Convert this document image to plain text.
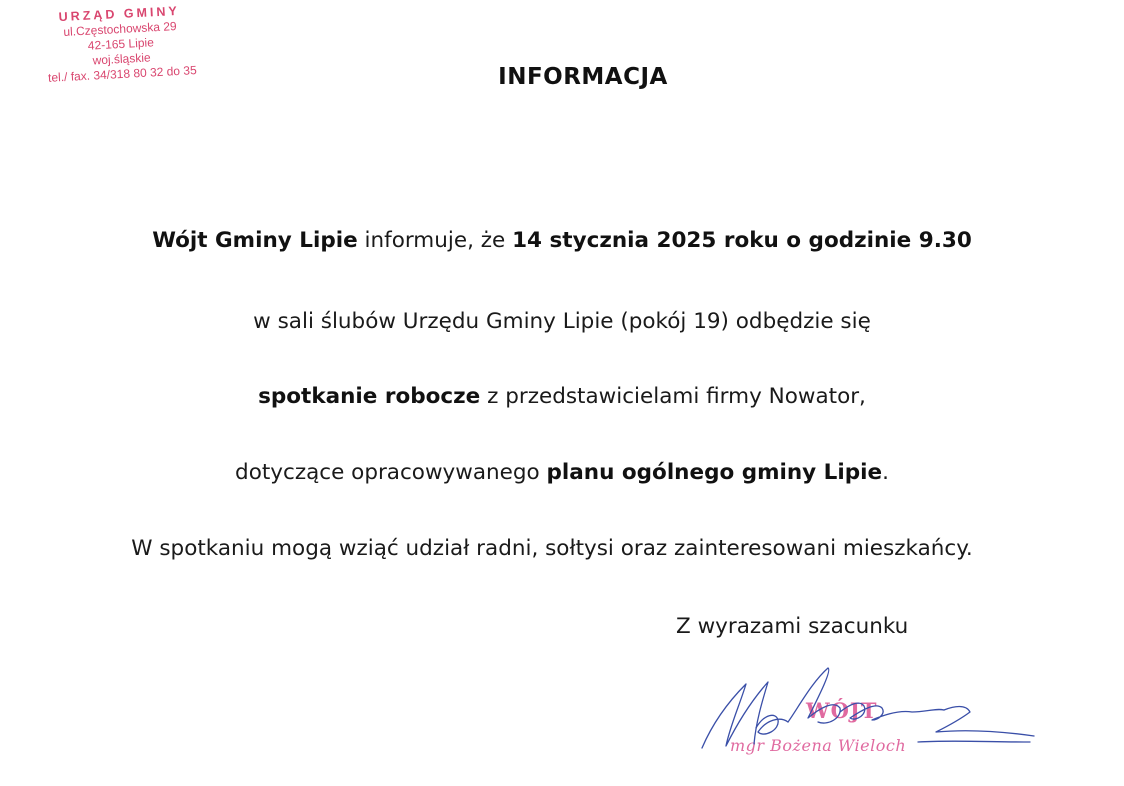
URZĄD GMINY
ul.Częstochowska 29
42-165 Lipie
woj.śląskie
tel./ fax. 34/318 80 32 do 35	INFORMACJA
Wójt Gminy Lipie informuje, że 14 stycznia 2025 roku o godzinie 9.30
w sali ślubów Urzędu Gminy Lipie (pokój 19) odbędzie się
spotkanie robocze z przedstawicielami firmy Nowator,
dotyczące opracowywanego planu ogólnego gminy Lipie.
W spotkaniu mogą wziąć udział radni, sołtysi oraz zainteresowani mieszkańcy.
Z wyrazami szacunku
WÓJT
mgr Bożena Wieloch
